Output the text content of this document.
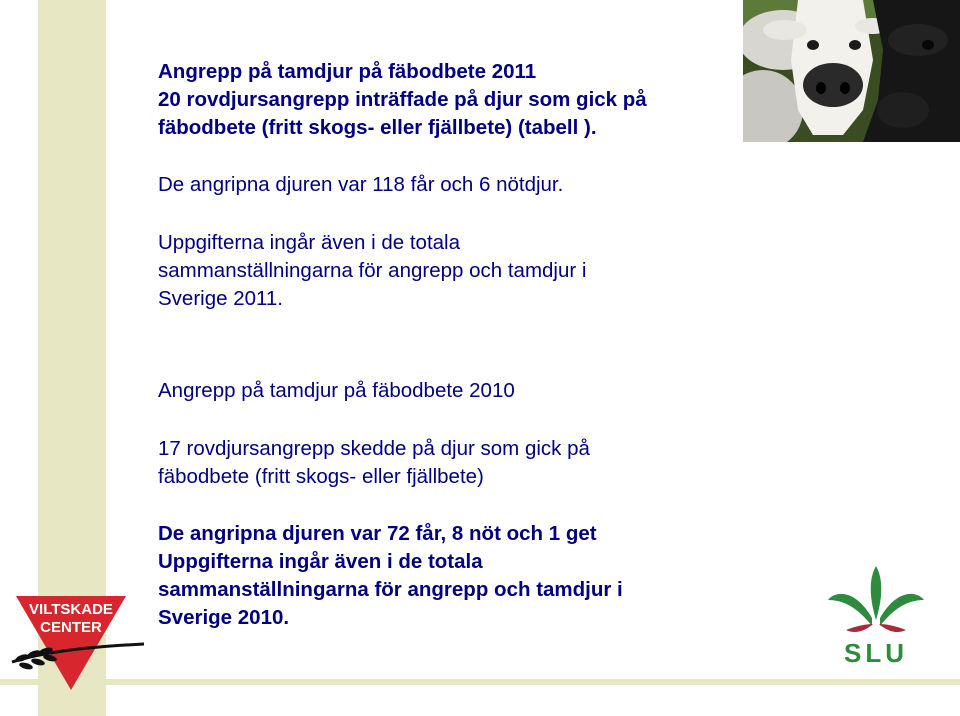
Angrepp på tamdjur på fäbodbete 2011

20 rovdjursangrepp inträffade på djur som gick på

fäbodbete (fritt skogs- eller fjällbete) (tabell ).

De angripna djuren var 118 får och 6 nötdjur.

Uppgifterna ingår även i de totala

sammanställningarna för angrepp och tamdjur i

Sverige 2011.

Angrepp på tamdjur på fäbodbete 2010

17 rovdjursangrepp skedde på djur som gick på

fäbodbete (fritt skogs- eller fjällbete)

De angripna djuren var 72 får, 8 nöt och 1 get

Uppgifterna ingår även i de totala

sammanställningarna för angrepp och tamdjur i

Sverige 2010.

VILTSKADE
CENTER
SLU
